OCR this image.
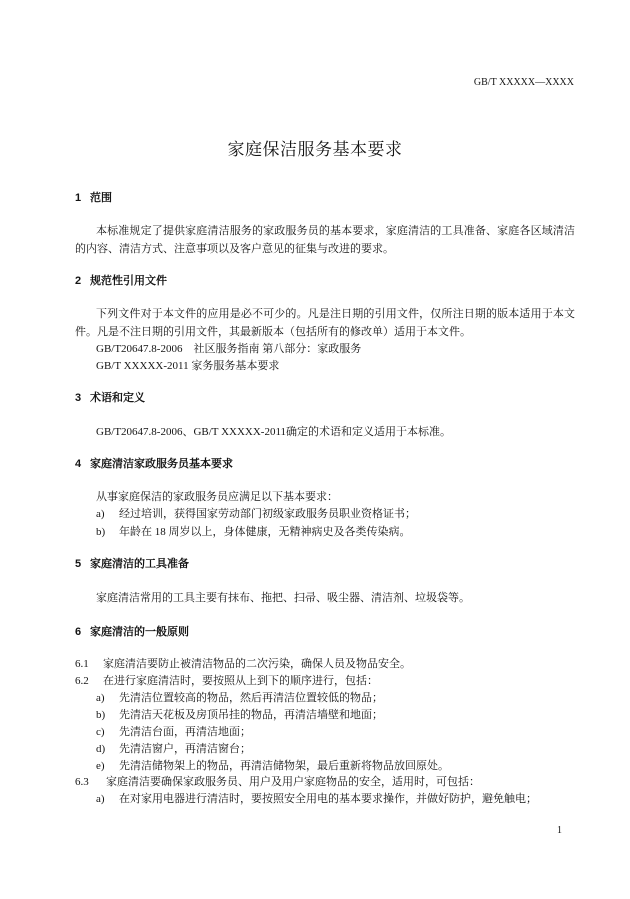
GB/T XXXXX—XXXX
家庭保洁服务基本要求
1 范围
本标准规定了提供家庭清洁服务的家政服务员的基本要求，家庭清洁的工具准备、家庭各区域清洁
的内容、清洁方式、注意事项以及客户意见的征集与改进的要求。
2 规范性引用文件
下列文件对于本文件的应用是必不可少的。凡是注日期的引用文件，仅所注日期的版本适用于本文
件。凡是不注日期的引用文件，其最新版本（包括所有的修改单）适用于本文件。
GB/T20647.8-2006　社区服务指南 第八部分：家政服务
GB/T XXXXX-2011 家务服务基本要求
3 术语和定义
GB/T20647.8-2006、GB/T XXXXX-2011确定的术语和定义适用于本标准。
4 家庭清洁家政服务员基本要求
从事家庭保洁的家政服务员应满足以下基本要求：
a) 经过培训，获得国家劳动部门初级家政服务员职业资格证书；
b) 年龄在 18 周岁以上，身体健康，无精神病史及各类传染病。
5 家庭清洁的工具准备
家庭清洁常用的工具主要有抹布、拖把、扫帚、吸尘器、清洁剂、垃圾袋等。
6 家庭清洁的一般原则
6.1 家庭清洁要防止被清洁物品的二次污染，确保人员及物品安全。
6.2 在进行家庭清洁时，要按照从上到下的顺序进行，包括：
a) 先清洁位置较高的物品，然后再清洁位置较低的物品；
b) 先清洁天花板及房顶吊挂的物品，再清洁墙壁和地面；
c) 先清洁台面，再清洁地面；
d) 先清洁窗户，再清洁窗台；
e) 先清洁储物架上的物品，再清洁储物架，最后重新将物品放回原处。
6.3 家庭清洁要确保家政服务员、用户及用户家庭物品的安全，适用时，可包括：
a) 在对家用电器进行清洁时，要按照安全用电的基本要求操作，并做好防护，避免触电；
1
